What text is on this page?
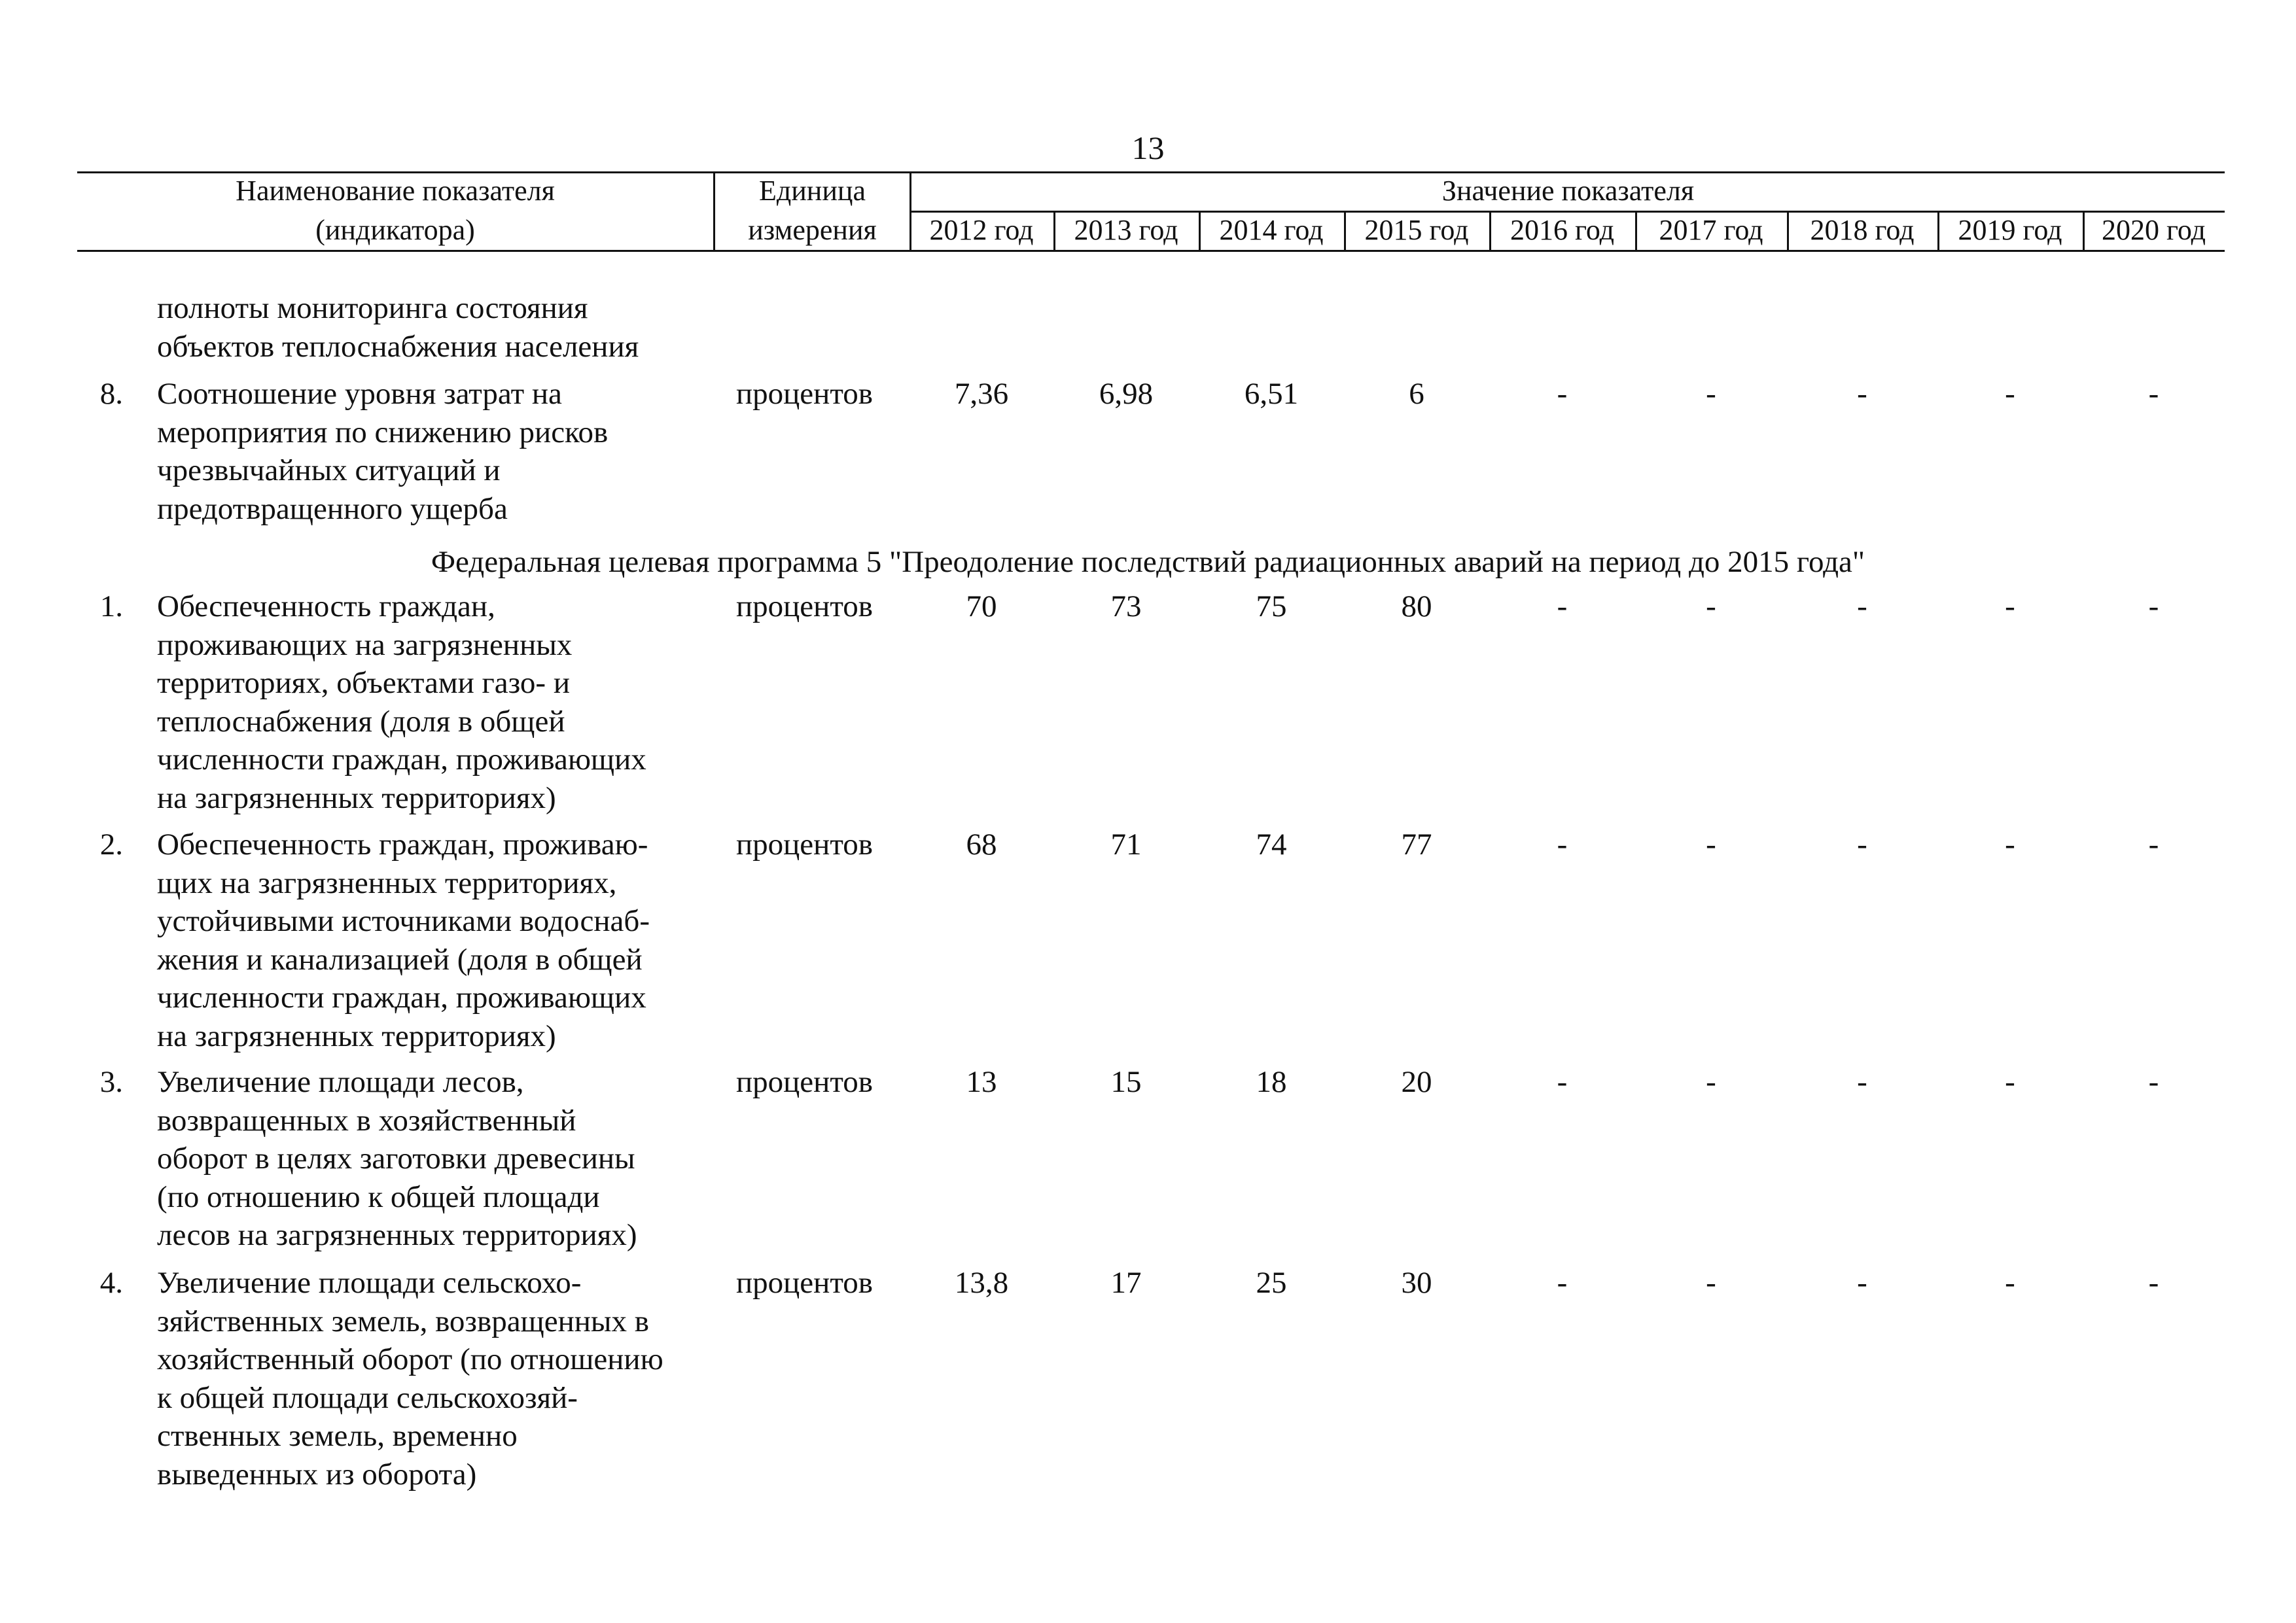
13
Наименование показателя
(индикатора)
Единица
измерения
Значение показателя
2012 год	2013 год	2014 год	2015 год	2016 год	2017 год	2018 год	2019 год	2020 год
полноты мониторинга состояния
объектов теплоснабжения населения
8. Соотношение уровня затрат на
мероприятия по снижению рисков
чрезвычайных ситуаций и
предотвращенного ущерба
процентов	7,36	6,98	6,51	6	-	-	-	-	-
Федеральная целевая программа 5 "Преодоление последствий радиационных аварий на период до 2015 года"
1. Обеспеченность граждан,
проживающих на загрязненных
территориях, объектами газо- и
теплоснабжения (доля в общей
численности граждан, проживающих
на загрязненных территориях)
процентов	70	73	75	80	-	-	-	-	-
2. Обеспеченность граждан, проживаю-
щих на загрязненных территориях,
устойчивыми источниками водоснаб-
жения и канализацией (доля в общей
численности граждан, проживающих
на загрязненных территориях)
процентов	68	71	74	77	-	-	-	-	-
3. Увеличение площади лесов,
возвращенных в хозяйственный
оборот в целях заготовки древесины
(по отношению к общей площади
лесов на загрязненных территориях)
процентов	13	15	18	20	-	-	-	-	-
4. Увеличение площади сельскохо-
зяйственных земель, возвращенных в
хозяйственный оборот (по отношению
к общей площади сельскохозяй-
ственных земель, временно
выведенных из оборота)
процентов	13,8	17	25	30	-	-	-	-	-
